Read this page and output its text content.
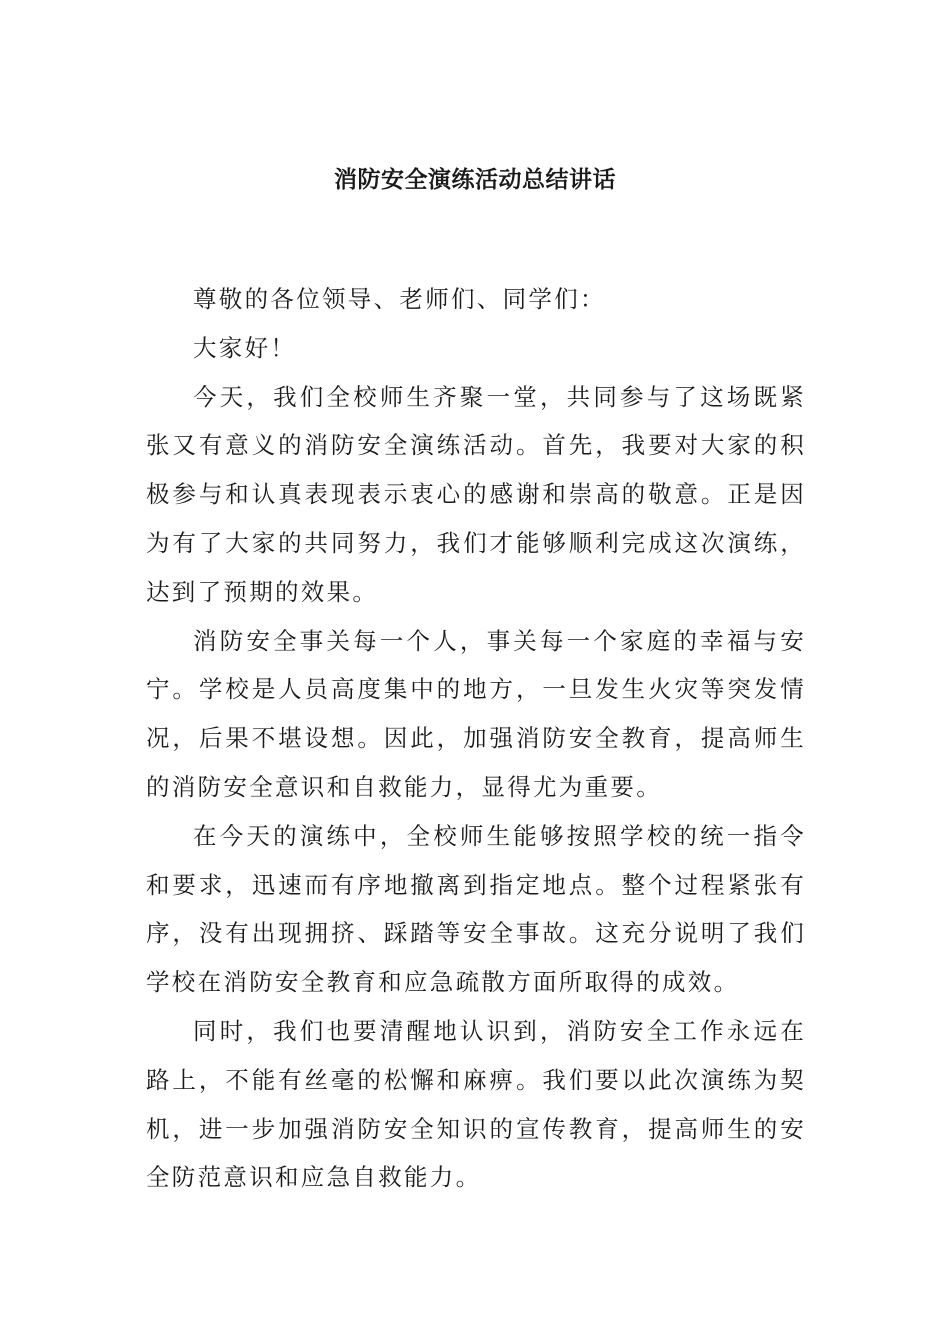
消防安全演练活动总结讲话

尊敬的各位领导、老师们、同学们：

大家好！

今天，我们全校师生齐聚一堂，共同参与了这场既紧张又有意义的消防安全演练活动。首先，我要对大家的积极参与和认真表现表示衷心的感谢和崇高的敬意。正是因为有了大家的共同努力，我们才能够顺利完成这次演练，达到了预期的效果。

消防安全事关每一个人，事关每一个家庭的幸福与安宁。学校是人员高度集中的地方，一旦发生火灾等突发情况，后果不堪设想。因此，加强消防安全教育，提高师生的消防安全意识和自救能力，显得尤为重要。

在今天的演练中，全校师生能够按照学校的统一指令和要求，迅速而有序地撤离到指定地点。整个过程紧张有序，没有出现拥挤、踩踏等安全事故。这充分说明了我们学校在消防安全教育和应急疏散方面所取得的成效。

同时，我们也要清醒地认识到，消防安全工作永远在路上，不能有丝毫的松懈和麻痹。我们要以此次演练为契机，进一步加强消防安全知识的宣传教育，提高师生的安全防范意识和应急自救能力。
